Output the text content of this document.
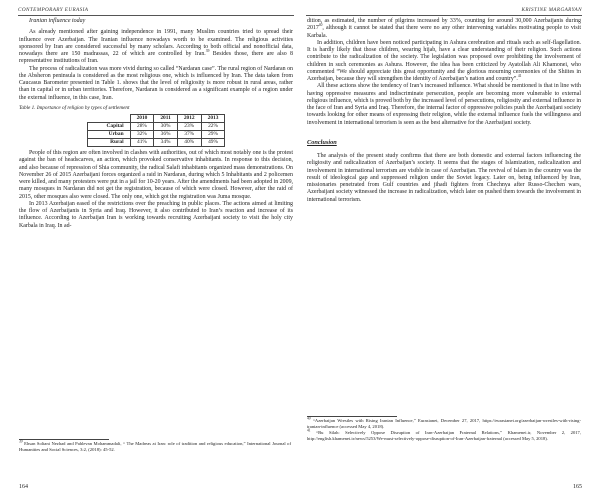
CONTEMPORARY EURASIA	KRISTINE MARGARYAN
Iranian influence today

As already mentioned after gaining independence in 1991, many Muslim countries tried to spread their influence over Azerbaijan. The Iranian influence nowadays worth to be examined. The religious activities sponsored by Iran are considered successful by many scholars. According to both official and nonofficial data, nowadays there are 150 madrassas, 22 of which are controlled by Iran.$^{39}$ Besides those, there are also 8 representative institutions of Iran.

The process of radicalization was more vivid during so called “Nardaran case”. The rural region of Nardaran on the Absheron peninsula is considered as the most religious one, which is influenced by Iran. The data taken from Caucasus Barometer presented in Table 1. shows that the level of religiosity is more robust in rural areas, rather than in capital or in urban territories. Therefore, Nardaran is considered as a significant example of a region under the external influence, in this case, Iran.

Table 1. Importance of religion by types of settlement
	2010	2011	2012	2013
Capital	28%	30%	23%	22%
Urban	32%	36%	37%	29%
Rural	41%	34%	40%	49%

People of this region are often involved in clashes with authorities, out of which most notably one is the protest against the ban of headscarves, an action, which provoked conservative inhabitants. In response to this decision, and also because of repression of Shia community, the radical Salafi inhabitants organized mass demonstrations. On November 26 of 2015 Azerbaijani forces organized a raid in Nardaran, during which 5 Inhabitants and 2 policemen were killed, and many protesters were put in a jail for 10-20 years. After the amendments had been adopted in 2009, many mosques in Nardaran did not get the registration, because of which were closed. However, after the raid of 2015, other mosques also were closed. The only one, which got the registration was Juma mosque.

In 2013 Azerbaijan eased of the restrictions over the preaching in public places. The actions aimed at limiting the flow of Azerbaijanis in Syria and Iraq. However, it also contributed to Iran’s reaction and increase of its influence. According to Azerbaijan Iran is working towards recruiting Azerbaijani society to visit the holy city Karbala in Iraq. In ad-

$^{39}$ Ehsan Soltani Nezhad and Pahlevan Mohammadali, “ The Madreas at Iran: role of tradition and religious education,” International Journal of Humanities and Social Sciences, 3:2, (2018): 45-52.

164

dition, as estimated, the number of pilgrims increased by 33%, counting for around 30,000 Azerbaijanis during 2017$^{40}$, although it cannot be stated that there were no any other intervening variables motivating people to visit Karbala.

In addition, children have been noticed participating in Ashura cerebration and rituals such as self-flagellation. It is hardly likely that those children, wearing hijab, have a clear understanding of their religion. Such actions contribute to the radicalization of the society. The legislation was proposed over prohibiting the involvement of children in such ceremonies as Ashura. However, the idea has been criticized by Ayatollah Ali Khamonei, who commented “We should appreciate this great opportunity and the glorious mourning ceremonies of the Shiites in Azerbaijan, because they will strengthen the identity of Azerbaijan’s nation and country”.$^{41}$

All these actions show the tendency of Iran’s increased influence. What should be mentioned is that in line with having oppressive measures and indiscriminate persecution, people are becoming more vulnerable to external religious influence, which is proved both by the increased level of persecutions, religiosity and external influence in the face of Iran and Syria and Iraq. Therefore, the internal factor of oppressive policies push the Azerbaijani society towards looking for other means of expressing their religion, while the external influence fuels the willingness and involvement in international terrorism is seen as the best alternative for the Azerbaijani society.

Conclusion

The analysis of the present study confirms that there are both domestic and external factors influencing the religiosity and radicalization of Azerbaijan’s society. It seems that the stages of Islamization, radicalization and involvement in international terrorism are visible in case of Azerbaijan. The revival of Islam in the country was the result of ideological gap and suppressed religion under the Soviet legacy. Later on, being influenced by Iran, missionaries penetrated from Gulf countries and jihadi fighters from Chechnya after Russo-Chechen wars, Azerbaijani society witnessed the increase in radicalization, which later on pushed them towards the involvement in international terrorism.

$^{40}$ “Azerbaijan Wrestles with Rising Iranian Influence,” Eurasianet, December 27, 2017, https://eurasianet.org/azerbaijan-wrestles-with-rising-iranian-influence (accessed May 4, 2018).

$^{41}$ “Bu Silah: Selectively Oppose Disruption of Iran-Azerbaijan Fraternal Relations,” Khamenei.ir, November 2, 2017, http://english.khamenei.ir/news/5253/We-must-selectively-oppose-disruption-of-Iran-Azerbaijan-fraternal (accessed May 5, 2018).

165
